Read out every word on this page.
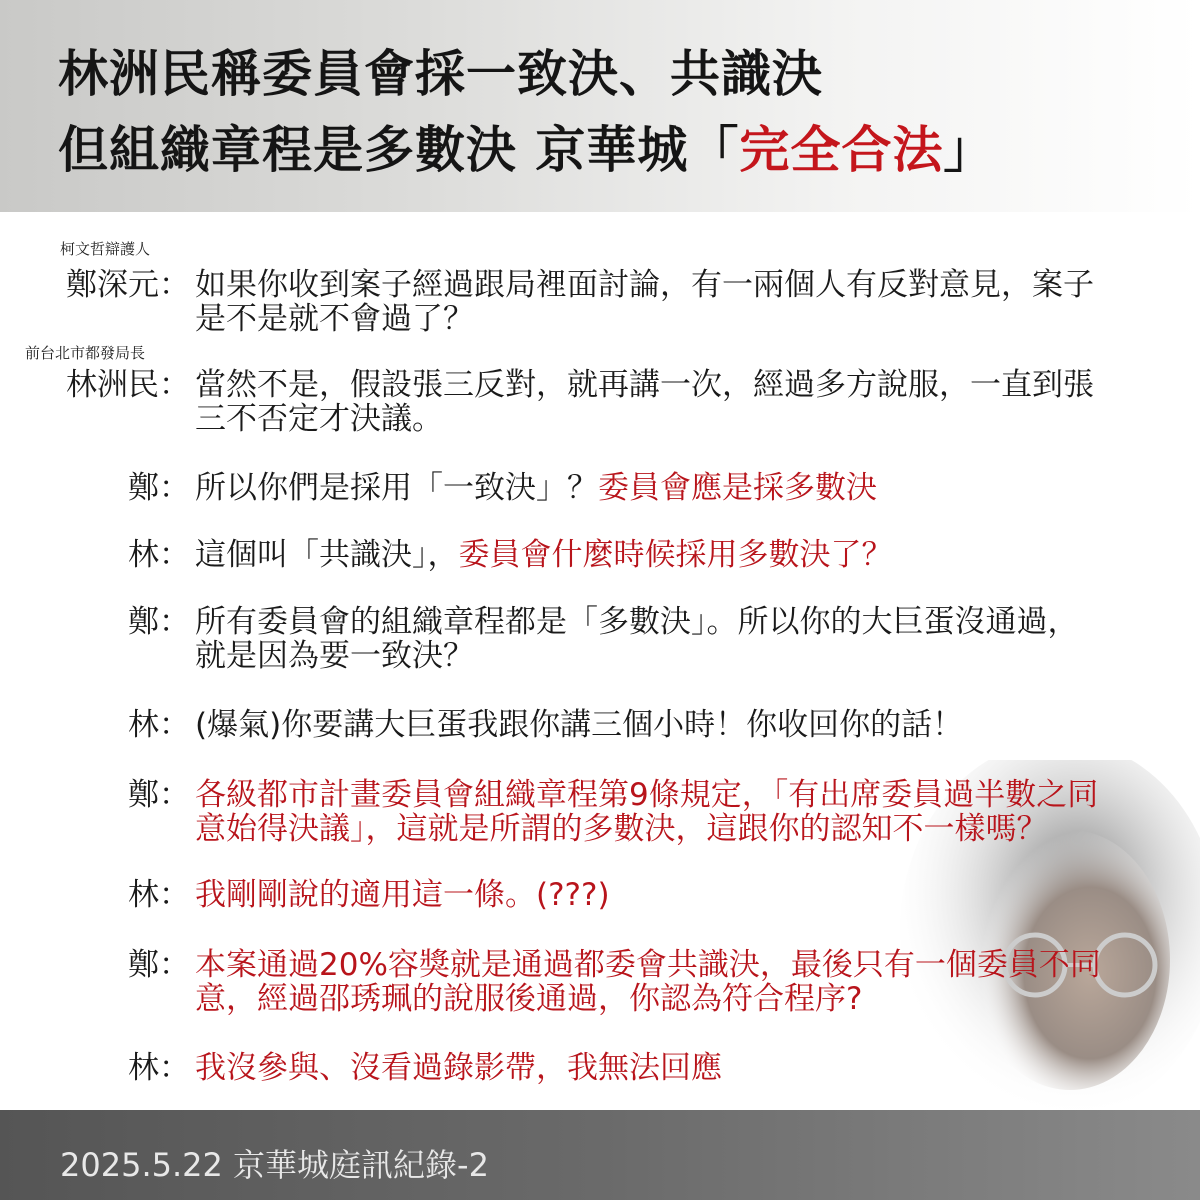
林洲民稱委員會採一致決、共識決
但組織章程是多數決 京華城「完全合法」
柯文哲辯護人
前台北市都發局長
鄭深元： 如果你收到案子經過跟局裡面討論，有一兩個人有反對意見，案子
是不是就不會過了？
林洲民： 當然不是，假設張三反對，就再講一次，經過多方說服，一直到張
三不否定才決議。
鄭： 所以你們是採用「一致決」？委員會應是採多數決
林： 這個叫「共識決」，委員會什麼時候採用多數決了？
鄭： 所有委員會的組織章程都是「多數決」。所以你的大巨蛋沒通過，
就是因為要一致決？
林： (爆氣)你要講大巨蛋我跟你講三個小時！你收回你的話！
鄭： 各級都市計畫委員會組織章程第9條規定，「有出席委員過半數之同
意始得決議」，這就是所謂的多數決，這跟你的認知不一樣嗎？
林： 我剛剛說的適用這一條。(???)
鄭： 本案通過20%容獎就是通過都委會共識決，最後只有一個委員不同
意，經過邵琇珮的說服後通過，你認為符合程序?
林： 我沒參與、沒看過錄影帶，我無法回應
2025.5.22 京華城庭訊紀錄-2
